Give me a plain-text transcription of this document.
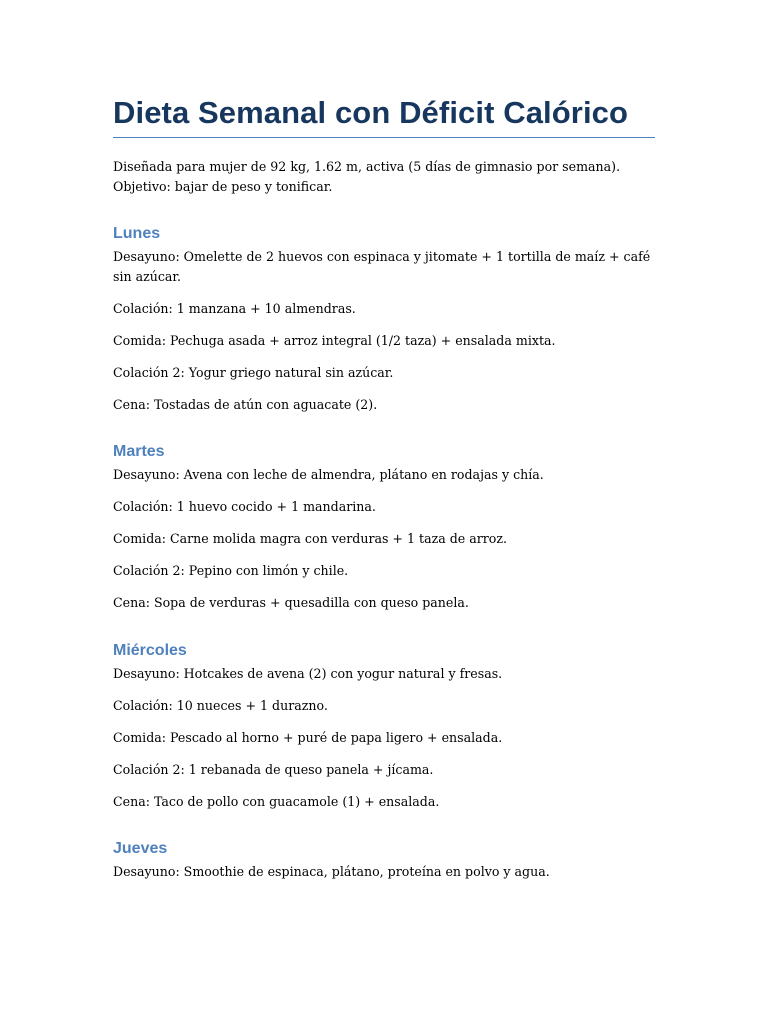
Dieta Semanal con Déficit Calórico

Diseñada para mujer de 92 kg, 1.62 m, activa (5 días de gimnasio por semana). Objetivo: bajar de peso y tonificar.

Lunes

Desayuno: Omelette de 2 huevos con espinaca y jitomate + 1 tortilla de maíz + café sin azúcar.

Colación: 1 manzana + 10 almendras.

Comida: Pechuga asada + arroz integral (1/2 taza) + ensalada mixta.

Colación 2: Yogur griego natural sin azúcar.

Cena: Tostadas de atún con aguacate (2).

Martes

Desayuno: Avena con leche de almendra, plátano en rodajas y chía.

Colación: 1 huevo cocido + 1 mandarina.

Comida: Carne molida magra con verduras + 1 taza de arroz.

Colación 2: Pepino con limón y chile.

Cena: Sopa de verduras + quesadilla con queso panela.

Miércoles

Desayuno: Hotcakes de avena (2) con yogur natural y fresas.

Colación: 10 nueces + 1 durazno.

Comida: Pescado al horno + puré de papa ligero + ensalada.

Colación 2: 1 rebanada de queso panela + jícama.

Cena: Taco de pollo con guacamole (1) + ensalada.

Jueves

Desayuno: Smoothie de espinaca, plátano, proteína en polvo y agua.
